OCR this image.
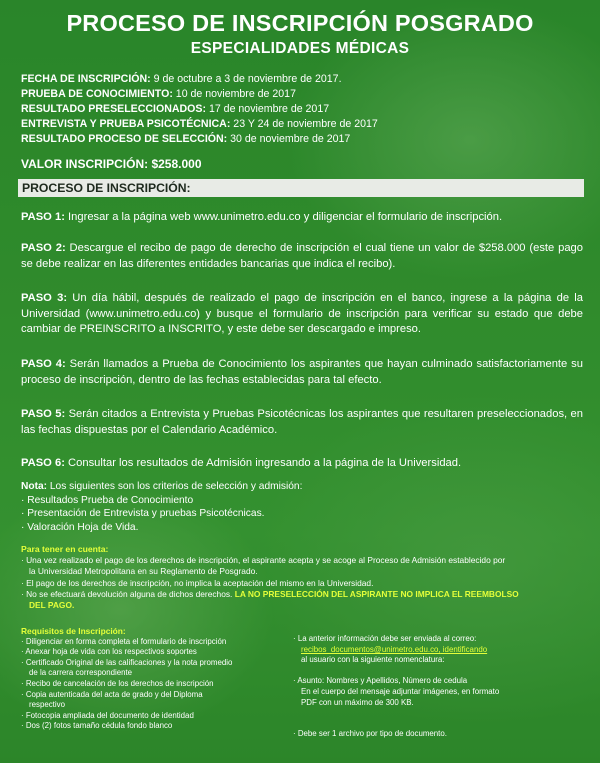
PROCESO DE INSCRIPCIÓN POSGRADO
ESPECIALIDADES MÉDICAS
FECHA DE INSCRIPCIÓN: 9 de octubre a 3 de noviembre de 2017.
PRUEBA DE CONOCIMIENTO: 10 de noviembre de 2017
RESULTADO PRESELECCIONADOS: 17 de noviembre de 2017
ENTREVISTA Y PRUEBA PSICOTÉCNICA: 23 Y 24 de noviembre de 2017
RESULTADO PROCESO DE SELECCIÓN: 30 de noviembre de 2017
VALOR INSCRIPCIÓN: $258.000
PROCESO DE INSCRIPCIÓN:
PASO 1: Ingresar a la página web www.unimetro.edu.co y diligenciar el formulario de inscripción.
PASO 2: Descargue el recibo de pago de derecho de inscripción el cual tiene un valor de $258.000 (este pago se debe realizar en las diferentes entidades bancarias que indica el recibo).
PASO 3: Un día hábil, después de realizado el pago de inscripción en el banco, ingrese a la página de la Universidad (www.unimetro.edu.co) y busque el formulario de inscripción para verificar su estado que debe cambiar de PREINSCRITO a INSCRITO, y este debe ser descargado e impreso.
PASO 4: Serán llamados a Prueba de Conocimiento los aspirantes que hayan culminado satisfactoriamente su proceso de inscripción, dentro de las fechas establecidas para tal efecto.
PASO 5: Serán citados a Entrevista y Pruebas Psicotécnicas los aspirantes que resultaren preseleccionados, en las fechas dispuestas por el Calendario Académico.
PASO 6: Consultar los resultados de Admisión ingresando a la página de la Universidad.
Nota: Los siguientes son los criterios de selección y admisión:
· Resultados Prueba de Conocimiento
· Presentación de Entrevista y pruebas Psicotécnicas.
· Valoración Hoja de Vida.
Para tener en cuenta:
· Una vez realizado el pago de los derechos de inscripción, el aspirante acepta y se acoge al Proceso de Admisión establecido por
la Universidad Metropolitana en su Reglamento de Posgrado.
· El pago de los derechos de inscripción, no implica la aceptación del mismo en la Universidad.
· No se efectuará devolución alguna de dichos derechos. LA NO PRESELECCIÓN DEL ASPIRANTE NO IMPLICA EL REEMBOLSO
DEL PAGO.
Requisitos de Inscripción:
· Diligenciar en forma completa el formulario de inscripción
· Anexar hoja de vida con los respectivos soportes
· Certificado Original de las calificaciones y la nota promedio
de la carrera correspondiente
· Recibo de cancelación de los derechos de inscripción
· Copia autenticada del acta de grado y del Diploma
respectivo
· Fotocopia ampliada del documento de identidad
· Dos (2) fotos tamaño cédula fondo blanco
· La anterior información debe ser enviada al correo:
recibos_documentos@unimetro.edu.co, identificando
al usuario con la siguiente nomenclatura:
· Asunto: Nombres y Apellidos, Número de cedula
En el cuerpo del mensaje adjuntar imágenes, en formato
PDF con un máximo de 300 KB.
· Debe ser 1 archivo por tipo de documento.
